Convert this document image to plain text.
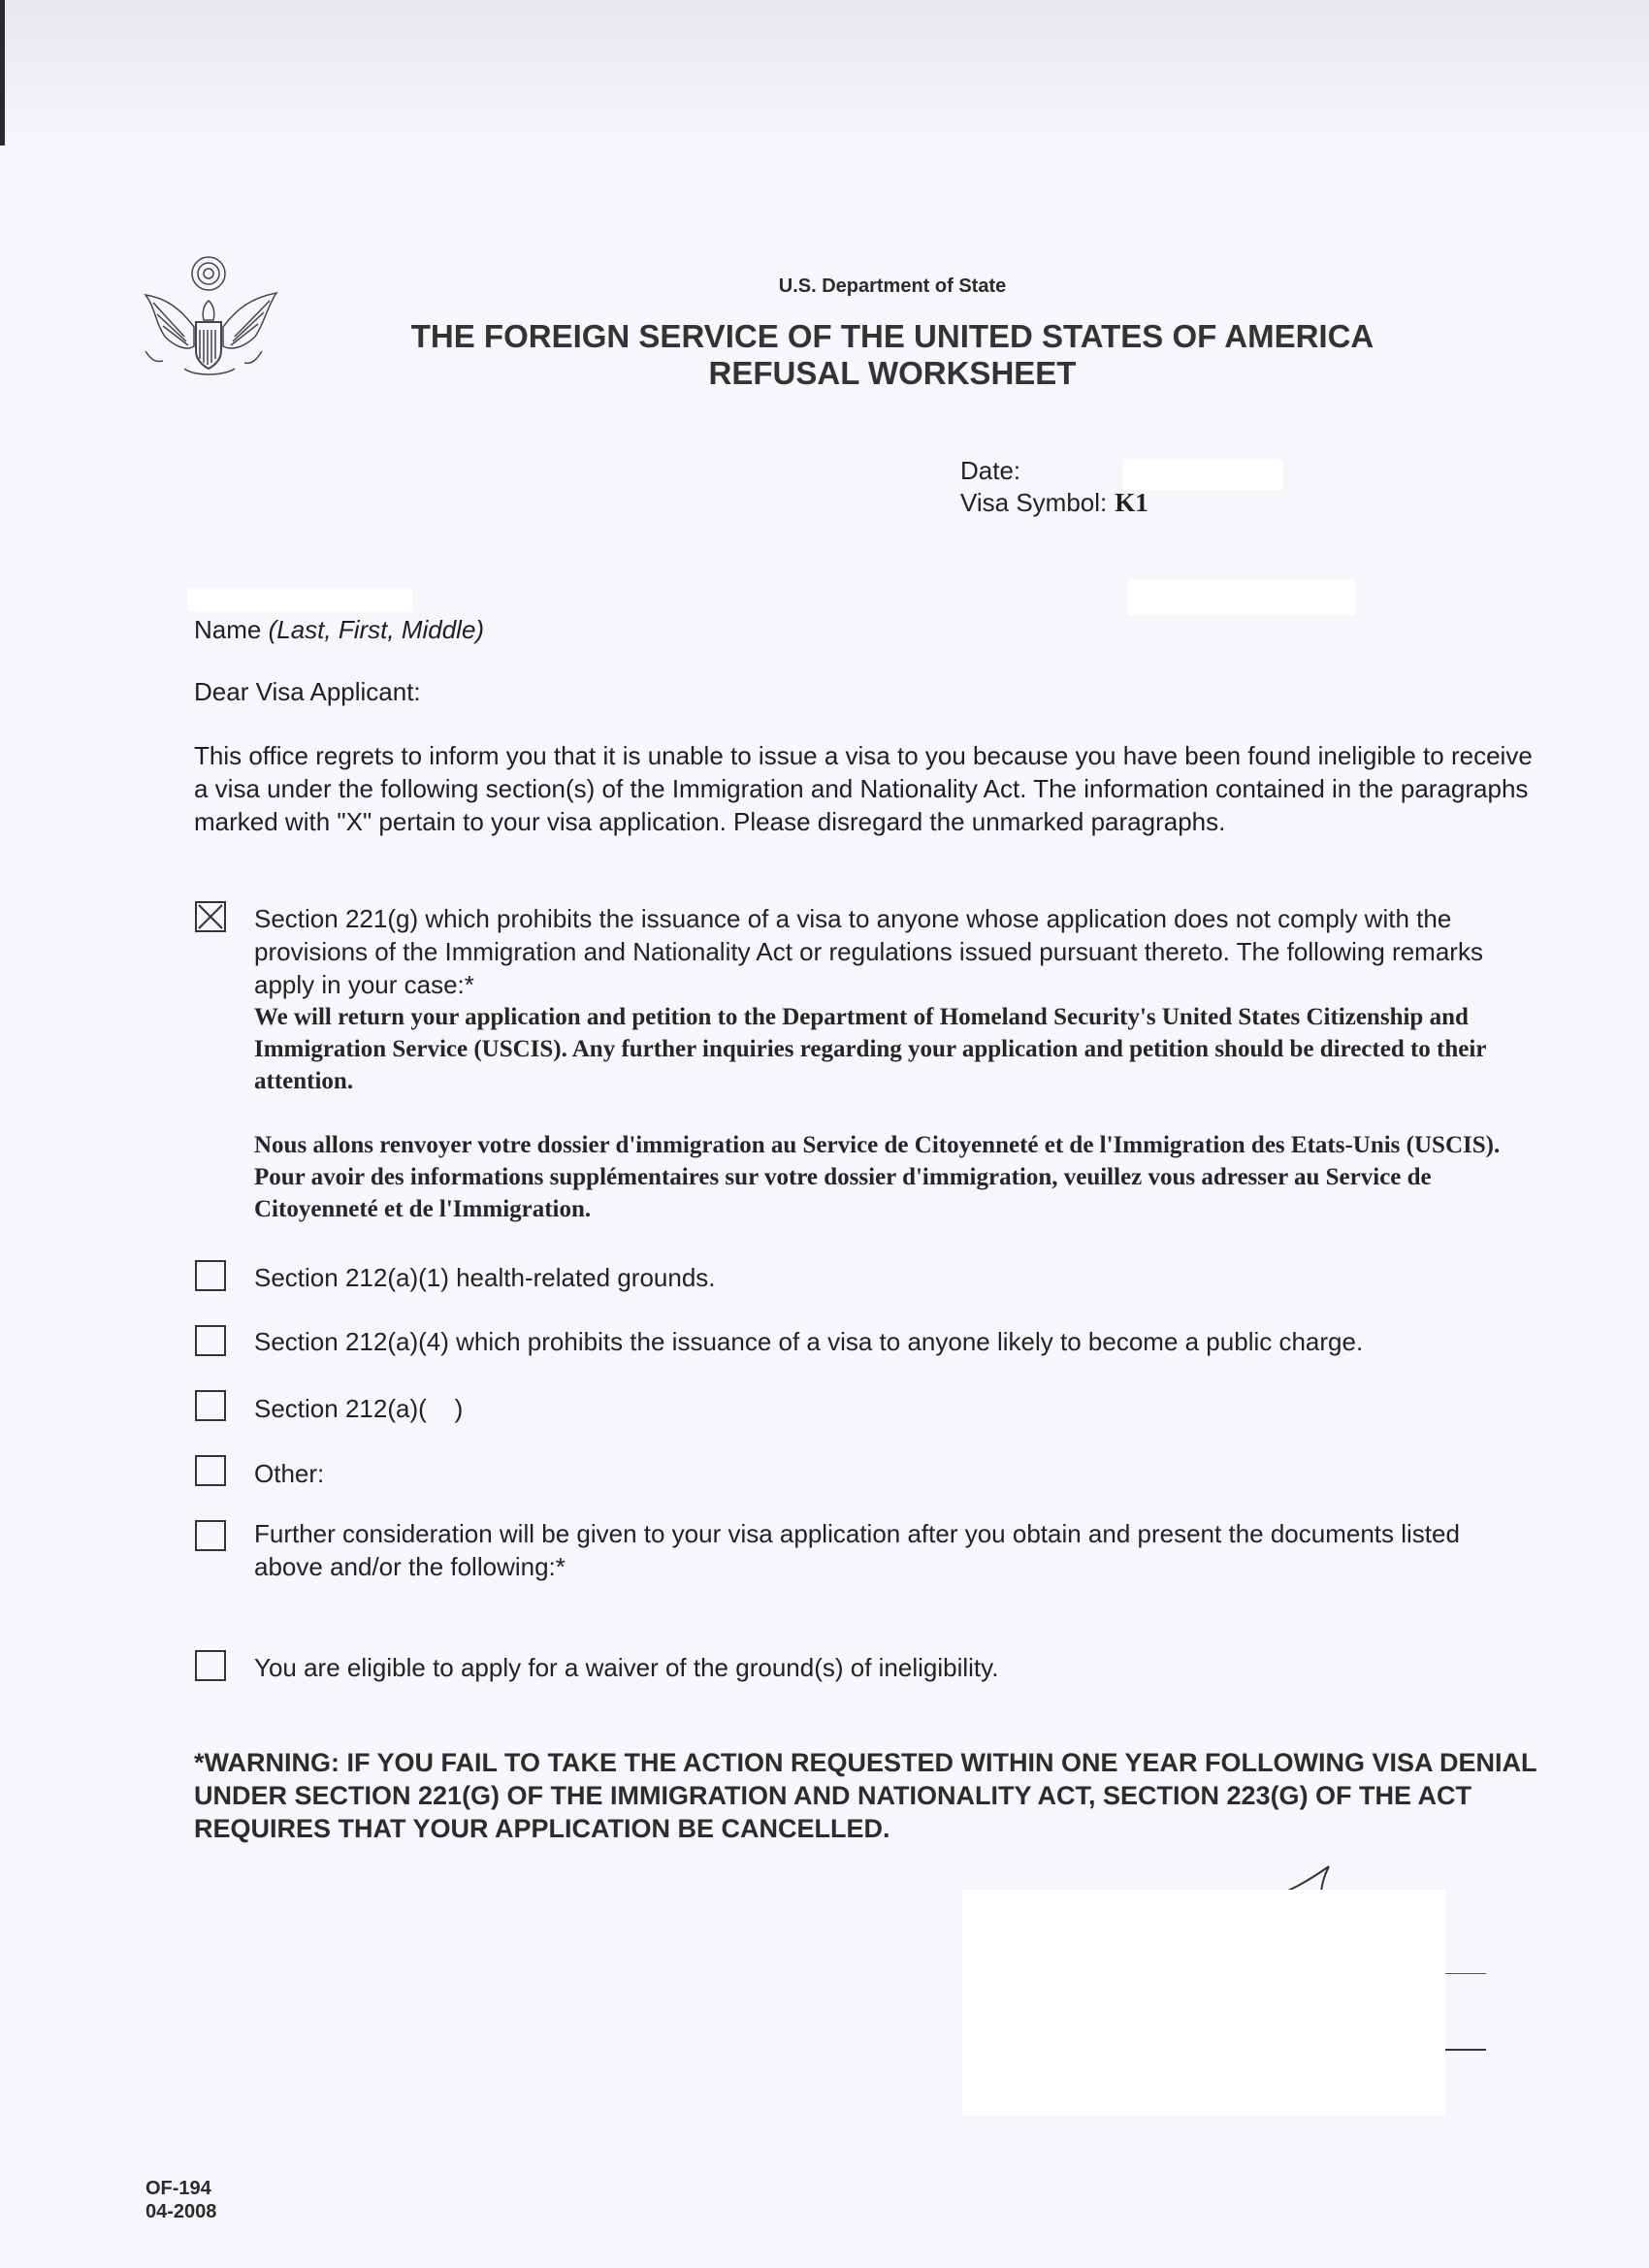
U.S. Department of State
THE FOREIGN SERVICE OF THE UNITED STATES OF AMERICA
REFUSAL WORKSHEET
Date:
Visa Symbol: K1
Name (Last, First, Middle)
Dear Visa Applicant:
This office regrets to inform you that it is unable to issue a visa to you because you have been found ineligible to receive a visa under the following section(s) of the Immigration and Nationality Act. The information contained in the paragraphs marked with "X" pertain to your visa application. Please disregard the unmarked paragraphs.
Section 221(g) which prohibits the issuance of a visa to anyone whose application does not comply with the provisions of the Immigration and Nationality Act or regulations issued pursuant thereto. The following remarks apply in your case:*
We will return your application and petition to the Department of Homeland Security's United States Citizenship and Immigration Service (USCIS). Any further inquiries regarding your application and petition should be directed to their attention.
Nous allons renvoyer votre dossier d'immigration au Service de Citoyenneté et de l'Immigration des Etats-Unis (USCIS). Pour avoir des informations supplémentaires sur votre dossier d'immigration, veuillez vous adresser au Service de Citoyenneté et de l'Immigration.
Section 212(a)(1) health-related grounds.
Section 212(a)(4) which prohibits the issuance of a visa to anyone likely to become a public charge.
Section 212(a)(    )
Other:
Further consideration will be given to your visa application after you obtain and present the documents listed above and/or the following:*
You are eligible to apply for a waiver of the ground(s) of ineligibility.
*WARNING: IF YOU FAIL TO TAKE THE ACTION REQUESTED WITHIN ONE YEAR FOLLOWING VISA DENIAL UNDER SECTION 221(G) OF THE IMMIGRATION AND NATIONALITY ACT, SECTION 223(G) OF THE ACT REQUIRES THAT YOUR APPLICATION BE CANCELLED.
OF-194
04-2008
